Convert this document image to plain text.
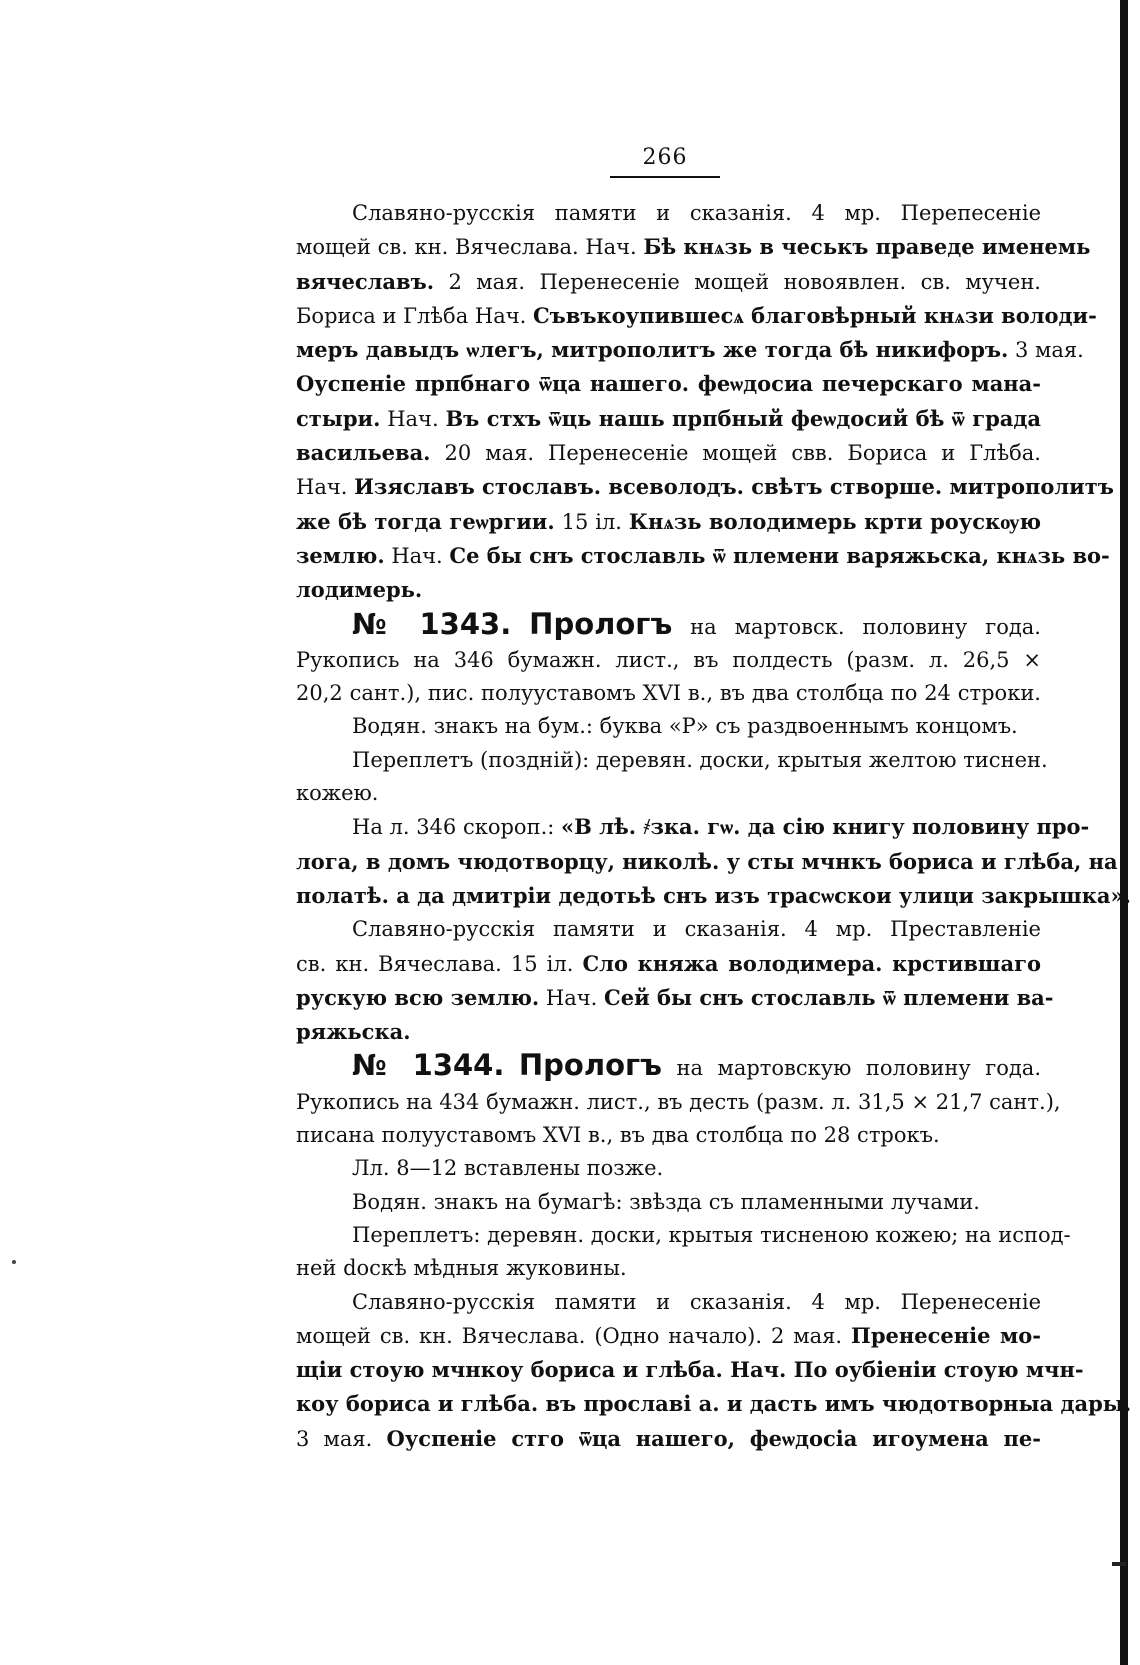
266
Славяно-русскія памяти и сказанія. 4 мр. Перепесеніе
мощей св. кн. Вячеслава. Нач. Бѣ кнѧзь в чеськъ праведе именемь
вячеславъ. 2 мая. Перенесеніе мощей новоявлен. св. мучен.
Бориса и Глѣба Нач. Съвъкоупившесѧ благовѣрный кнѧзи володи-
меръ давыдъ ѡлегъ, митрополитъ же тогда бѣ никифоръ. 3 мая.
Оуспеніе прпбнаго ѿца нашего. феѡдосиа печерскаго мана-
стыри. Нач. Въ стхъ ѿць нашь прпбный феѡдосий бѣ ѿ града
васильева. 20 мая. Перенесеніе мощей свв. Бориса и Глѣба.
Нач. Изяславъ стославъ. всеволодъ. свѣтъ створше. митрополитъ
же бѣ тогда геѡргии. 15 іл. Кнѧзь володимерь крти роускѹю
землю. Нач. Се бы снъ стославль ѿ племени варяжьска, кнѧзь во-
лодимерь.
№ 1343. Прологъ на мартовск. половину года.
Рукопись на 346 бумажн. лист., въ полдесть (разм. л. 26,5 ×
20,2 сант.), пис. полууставомъ XVI в., въ два столбца по 24 строки.
Водян. знакъ на бум.: буква «Р» съ раздвоеннымъ концомъ.
Переплетъ (поздній): деревян. доски, крытыя желтою тиснен.
кожею.
На л. 346 скороп.: «В лѣ. ҂зка. гѡ. да сію книгу половину про-
лога, в домъ чюдотворцу, николѣ. у сты мчнкъ бориса и глѣба, на
полатѣ. а да дмитріи дедотьѣ снъ изъ трасѡскои улици закрышка».
Славяно-русскія памяти и сказанія. 4 мр. Преставленіе
св. кн. Вячеслава. 15 іл. Сло княжа володимера. крстившаго
рускую всю землю. Нач. Сей бы снъ стославль ѿ племени ва-
ряжьска.
№ 1344. Прологъ на мартовскую половину года.
Рукопись на 434 бумажн. лист., въ десть (разм. л. 31,5 × 21,7 сант.),
писана полууставомъ XVI в., въ два столбца по 28 строкъ.
Лл. 8—12 вставлены позже.
Водян. знакъ на бумагѣ: звѣзда съ пламенными лучами.
Переплетъ: деревян. доски, крытыя тисненою кожею; на испод-
ней doскѣ мѣдныя жуковины.
Славяно-русскія памяти и сказанія. 4 мр. Перенесеніе
мощей св. кн. Вячеслава. (Одно начало). 2 мая. Пренесеніе мо-
щіи стоую мчнкоу бориса и глѣба. Нач. По оубіеніи стоую мчн-
коу бориса и глѣба. въ прославі а. и дасть имъ чюдотворныа дары.
3 мая. Оуспеніе стго ѿца нашего, феѡдосіа игоумена пе-
